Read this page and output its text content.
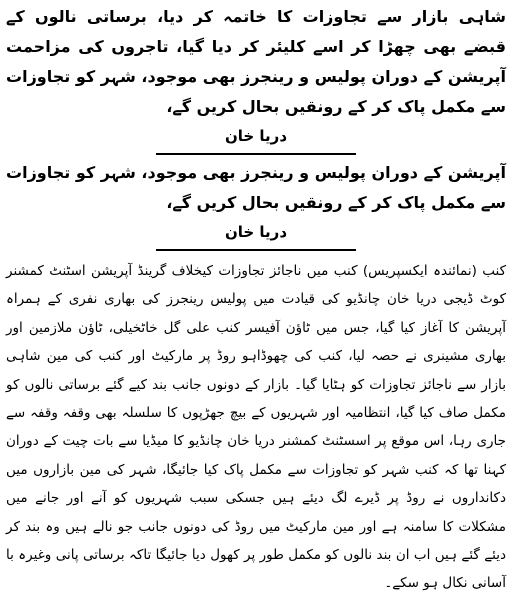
شاہی بازار سے تجاوزات کا خاتمہ کر دیا، برساتی نالوں کے قبضے بھی چھڑا کر اسے کلیئر کر دیا گیا، تاجروں کی مزاحمت آپریشن کے دوران پولیس و رینجرز بھی موجود، شہر کو تجاوزات سے مکمل پاک کر کے رونقیں بحال کریں گے،

دریا خان

آپریشن کے دوران پولیس و رینجرز بھی موجود، شہر کو تجاوزات سے مکمل پاک کر کے رونقیں بحال کریں گے،

دریا خان

کنب (نمائندہ ایکسپریس) کنب میں ناجائز تجاوزات کیخلاف گرینڈ آپریشن اسٹنٹ کمشنر کوٹ ڈیجی دریا خان چانڈیو کی قیادت میں پولیس رینجرز کی بھاری نفری کے ہمراہ آپریشن کا آغاز کیا گیا، جس میں ٹاؤن آفیسر کنب علی گل خاٹخیلی، ٹاؤن ملازمین اور بھاری مشینری نے حصہ لیا، کنب کی چھوڈاہو روڈ پر مارکیٹ اور کنب کی مین شاہی بازار سے ناجائز تجاوزات کو ہٹایا گیا۔ بازار کے دونوں جانب بند کیے گئے برساتی نالوں کو مکمل صاف کیا گیا، انتظامیہ اور شہریوں کے بیچ جھڑپوں کا سلسلہ بھی وقفہ وقفہ سے جاری رہا، اس موقع پر اسسٹنٹ کمشنر دریا خان چانڈیو کا میڈیا سے بات چیت کے دوران کہنا تھا کہ کنب شہر کو تجاوزات سے مکمل پاک کیا جائیگا، شہر کی مین بازاروں میں دکانداروں نے روڈ پر ڈیرے لگ دیئے ہیں جسکی سبب شہریوں کو آنے اور جانے میں مشکلات کا سامنہ ہے اور مین مارکیٹ میں روڈ کی دونوں جانب جو نالے ہیں وہ بند کر دیئے گئے ہیں اب ان بند نالوں کو مکمل طور پر کھول دیا جائیگا تاکہ برساتی پانی وغیرہ با آسانی نکال ہو سکے۔
